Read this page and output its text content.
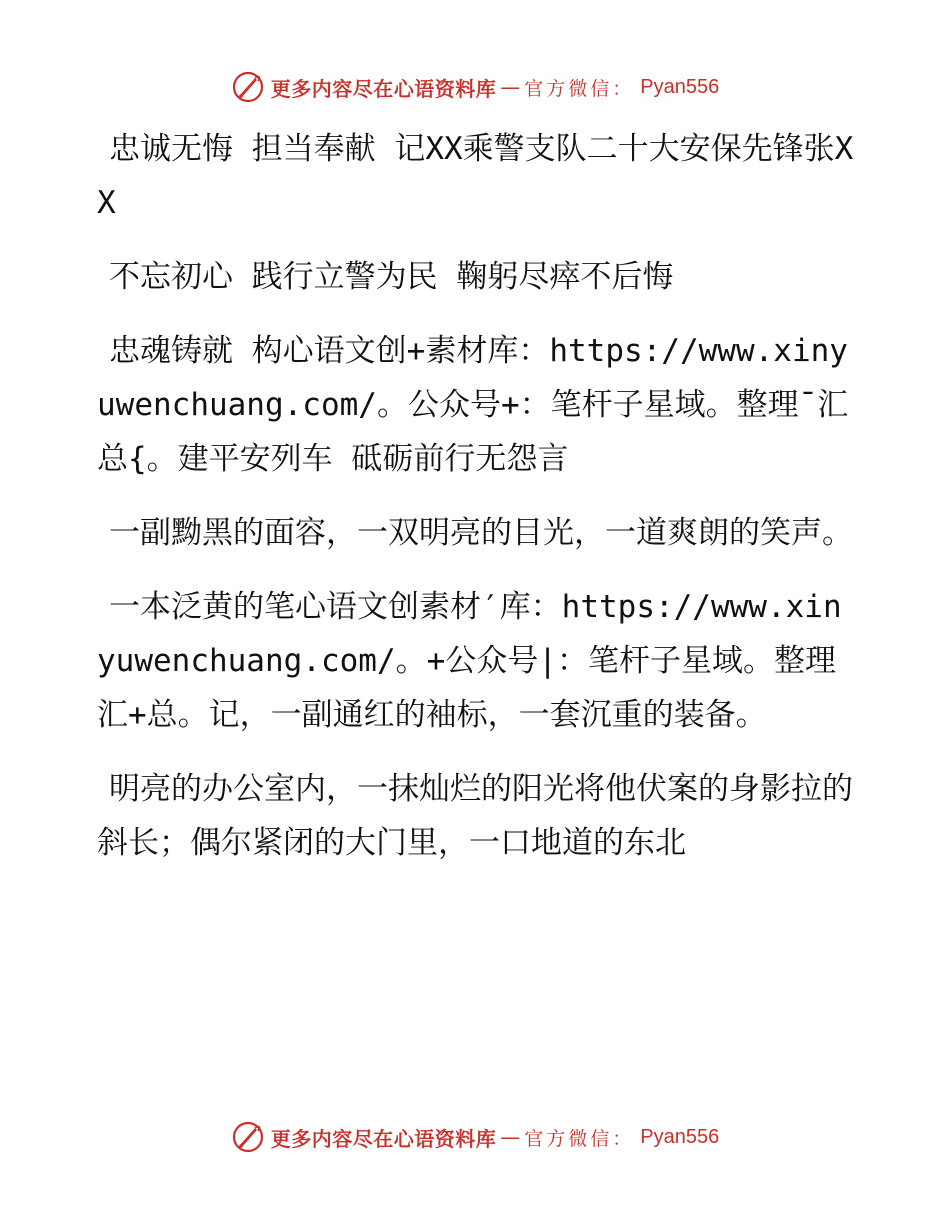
更多内容尽在心语资料库 — 官方微信： Pyan556

忠诚无悔 担当奉献 记XX乘警支队二十大安保先锋张XX

不忘初心 践行立警为民 鞠躬尽瘁不后悔

忠魂铸就 构心语文创+素材库：https://www.xinyuwenchuang.com/。公众号+：笔杆子星域。整理¯汇总{。建平安列车 砥砺前行无怨言

一副黝黑的面容，一双明亮的目光，一道爽朗的笑声。

一本泛黄的笔心语文创素材′库：https://www.xinyuwenchuang.com/。+公众号|：笔杆子星域。整理汇+总。记，一副通红的袖标，一套沉重的装备。

明亮的办公室内，一抹灿烂的阳光将他伏案的身影拉的斜长；偶尔紧闭的大门里，一口地道的东北

更多内容尽在心语资料库 — 官方微信： Pyan556
